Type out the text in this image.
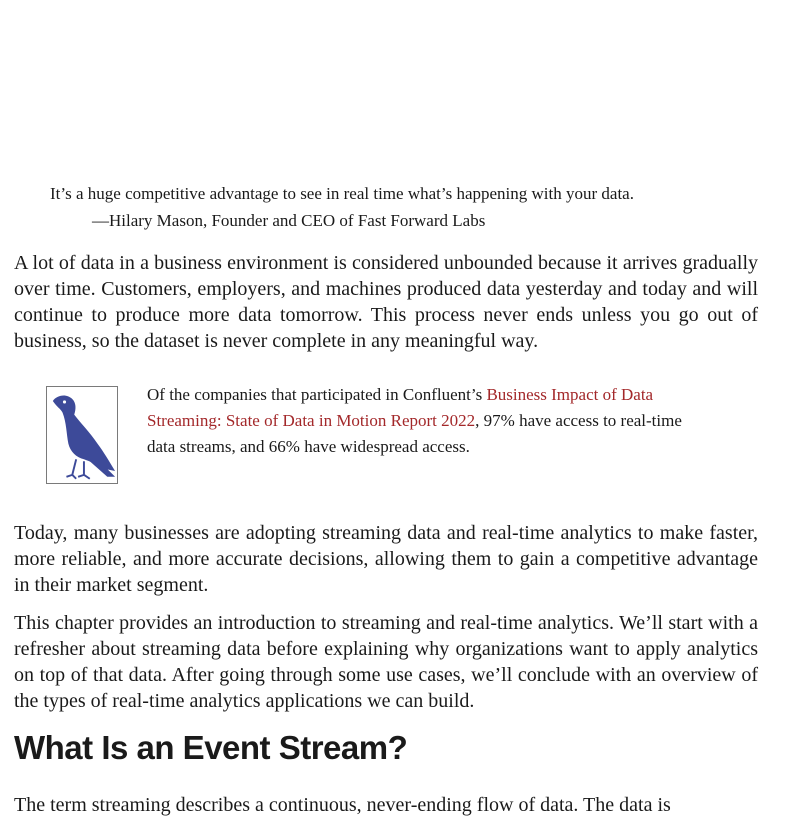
It’s a huge competitive advantage to see in real time what’s happening with your data.
—Hilary Mason, Founder and CEO of Fast Forward Labs

A lot of data in a business environment is considered unbounded because it arrives gradually over time. Customers, employers, and machines produced data yesterday and today and will continue to produce more data tomorrow. This process never ends unless you go out of business, so the dataset is never complete in any meaningful way.

Of the companies that participated in Confluent’s Business Impact of Data Streaming: State of Data in Motion Report 2022, 97% have access to real-time data streams, and 66% have widespread access.

Today, many businesses are adopting streaming data and real-time analytics to make faster, more reliable, and more accurate decisions, allowing them to gain a competitive advantage in their market segment.

This chapter provides an introduction to streaming and real-time analytics. We’ll start with a refresher about streaming data before explaining why organizations want to apply analytics on top of that data. After going through some use cases, we’ll conclude with an overview of the types of real-time analytics applications we can build.

What Is an Event Stream?

The term streaming describes a continuous, never-ending flow of data. The data is
